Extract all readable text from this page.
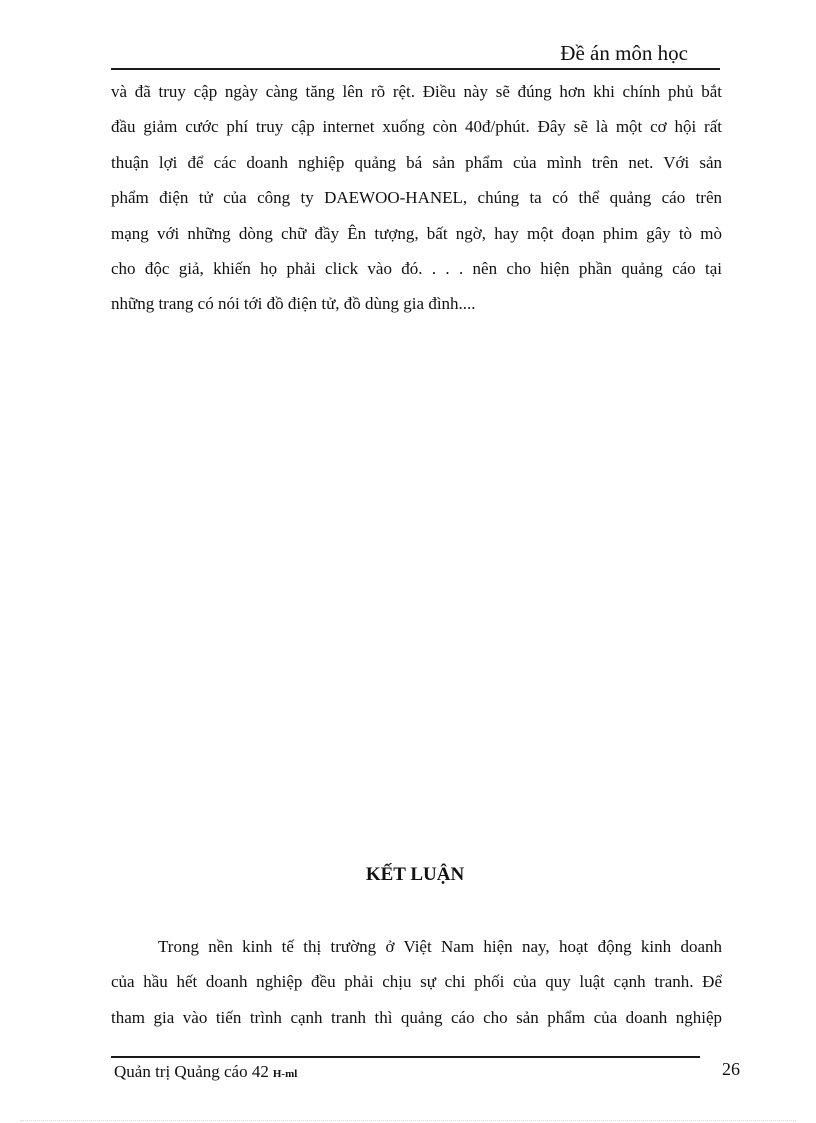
Đề án môn học
và đã truy cập ngày càng tăng lên rõ rệt. Điều này sẽ đúng hơn khi chính phủ bắt
đầu giảm cước phí truy cập internet xuống còn 40đ/phút. Đây sẽ là một cơ hội rất
thuận lợi để các doanh nghiệp quảng bá sản phẩm của mình trên net. Với sản
phẩm điện tử của công ty DAEWOO-HANEL, chúng ta có thể quảng cáo trên
mạng với những dòng chữ đầy Ên tượng, bất ngờ, hay một đoạn phim gây tò mò
cho độc giả, khiến họ phải click vào đó. . . . nên cho hiện phần quảng cáo tại
những trang có nói tới đồ điện tử, đồ dùng gia đình....
KẾT LUẬN
Trong nền kinh tế thị trường ở Việt Nam hiện nay, hoạt động kinh doanh
của hầu hết doanh nghiệp đều phải chịu sự chi phối của quy luật cạnh tranh. Để
tham gia vào tiến trình cạnh tranh thì quảng cáo cho sản phẩm của doanh nghiệp
Quản trị Quảng cáo 42 H-ml	26
